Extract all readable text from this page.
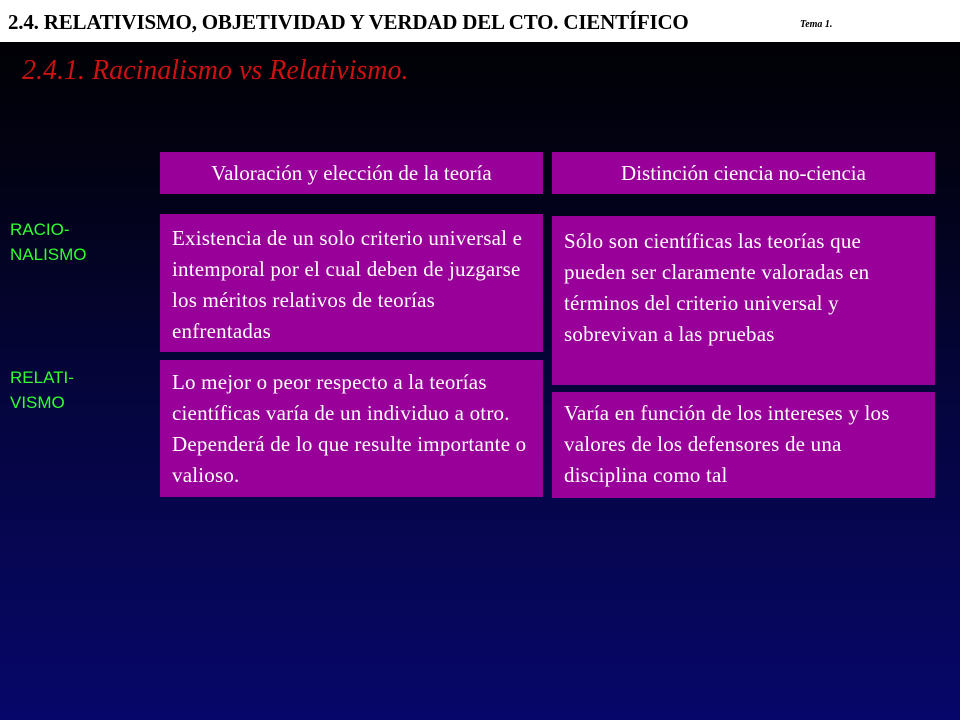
2.4. RELATIVISMO, OBJETIVIDAD Y VERDAD DEL CTO. CIENTÍFICO	Tema 1.
2.4.1. Racinalismo vs Relativismo.
Valoración y elección de la teoría	Distinción ciencia no-ciencia
RACIO-
NALISMO
RELATI-
VISMO
Existencia de un solo criterio universal e intemporal por el cual deben de juzgarse los méritos relativos de teorías enfrentadas
Sólo son científicas las teorías que pueden ser claramente valoradas en términos del criterio universal y sobrevivan a las pruebas
Lo mejor o peor respecto a la teorías científicas varía de un individuo a otro. Dependerá de lo que resulte importante o valioso.
Varía en función de los intereses y los valores de los defensores de una disciplina como tal
